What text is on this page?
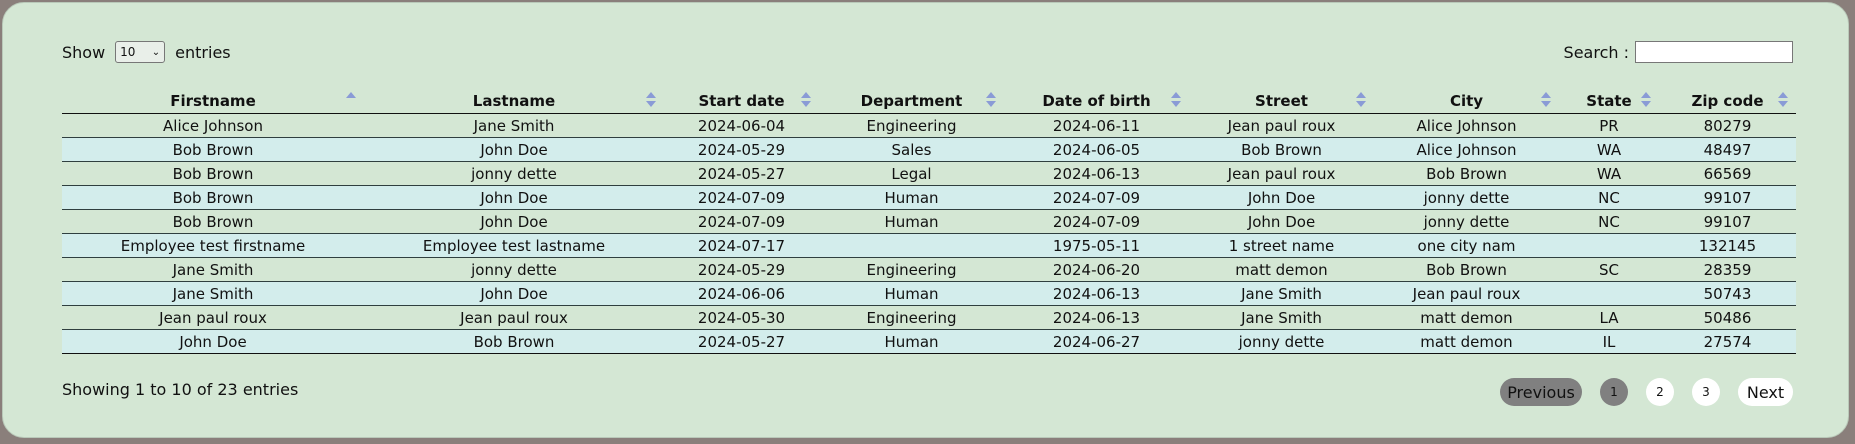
Show 10 ⌄ entries	Search :
Firstname	Lastname	Start date	Department	Date of birth	Street	City	State	Zip code

Alice Johnson	Jane Smith	2024-06-04	Engineering	2024-06-11	Jean paul roux	Alice Johnson	PR	80279
Bob Brown	John Doe	2024-05-29	Sales	2024-06-05	Bob Brown	Alice Johnson	WA	48497
Bob Brown	jonny dette	2024-05-27	Legal	2024-06-13	Jean paul roux	Bob Brown	WA	66569
Bob Brown	John Doe	2024-07-09	Human	2024-07-09	John Doe	jonny dette	NC	99107
Bob Brown	John Doe	2024-07-09	Human	2024-07-09	John Doe	jonny dette	NC	99107
Employee test firstname	Employee test lastname	2024-07-17		1975-05-11	1 street name	one city nam		132145
Jane Smith	jonny dette	2024-05-29	Engineering	2024-06-20	matt demon	Bob Brown	SC	28359
Jane Smith	John Doe	2024-06-06	Human	2024-06-13	Jane Smith	Jean paul roux		50743
Jean paul roux	Jean paul roux	2024-05-30	Engineering	2024-06-13	Jane Smith	matt demon	LA	50486
John Doe	Bob Brown	2024-05-27	Human	2024-06-27	jonny dette	matt demon	IL	27574
Showing 1 to 10 of 23 entries	Previous	1	2	3	Next
